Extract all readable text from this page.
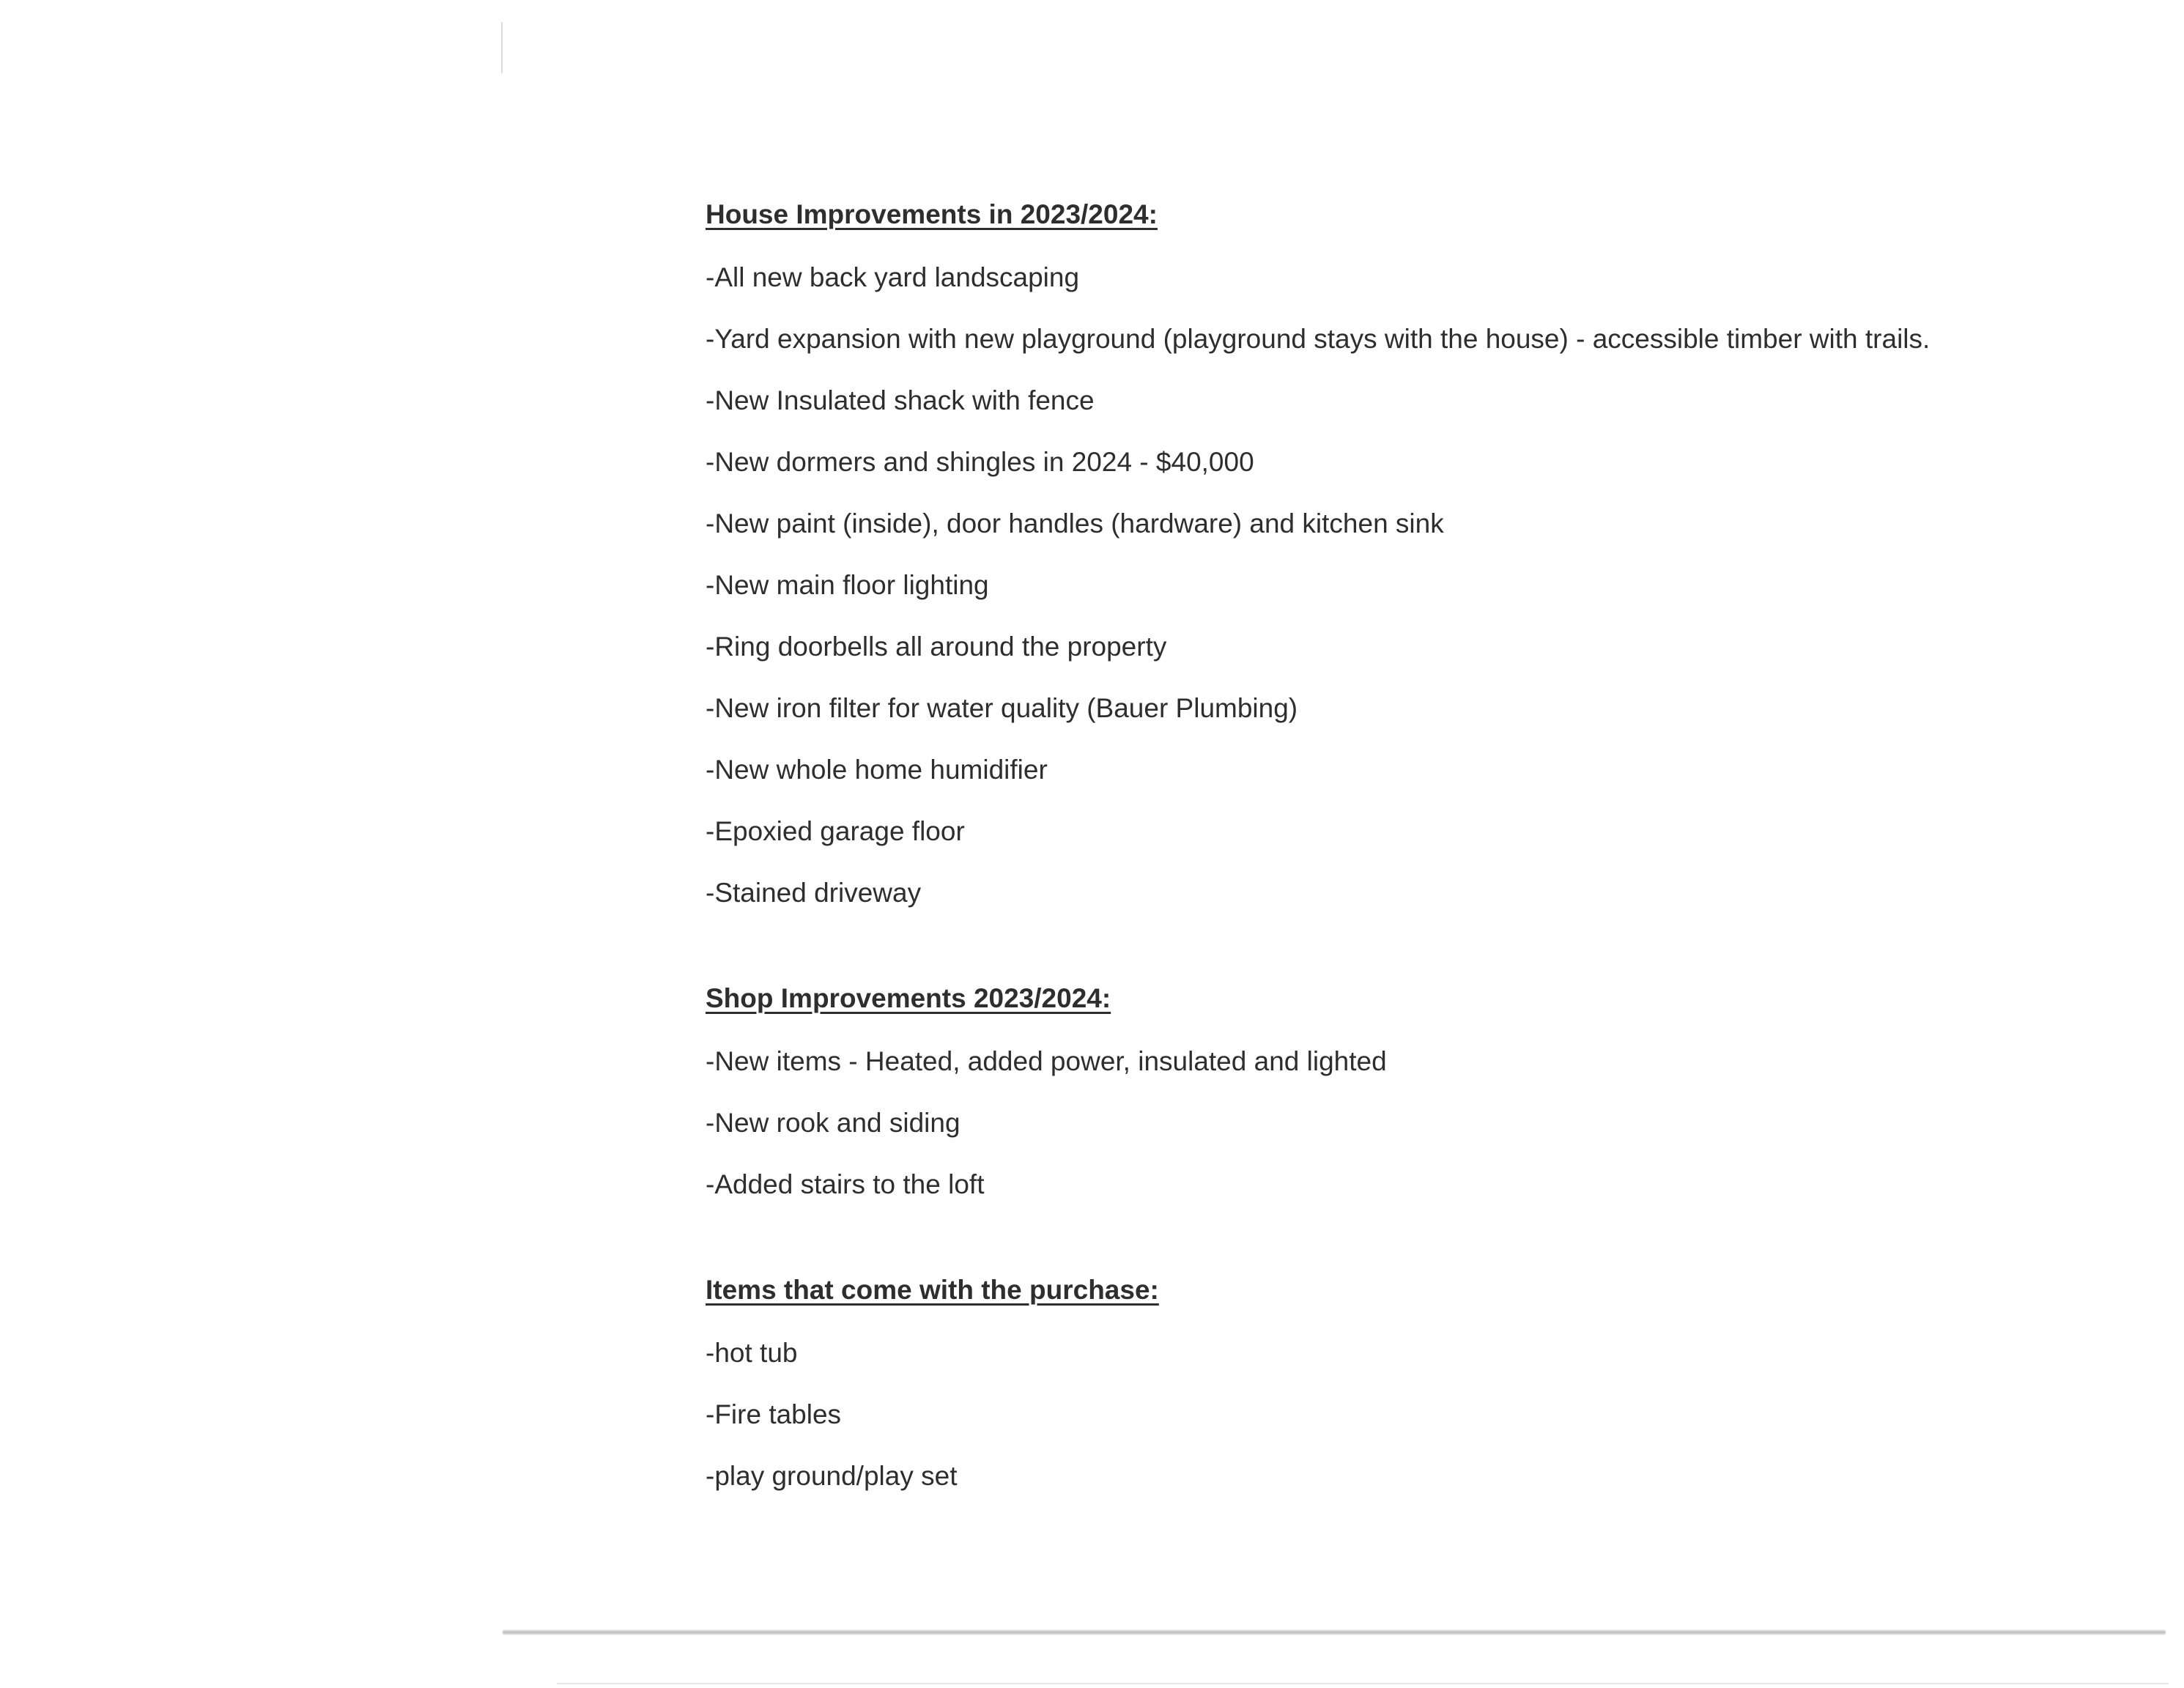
House Improvements in 2023/2024:
-All new back yard landscaping
-Yard expansion with new playground (playground stays with the house) - accessible timber with trails.
-New Insulated shack with fence
-New dormers and shingles in 2024 - $40,000
-New paint (inside), door handles (hardware) and kitchen sink
-New main floor lighting
-Ring doorbells all around the property
-New iron filter for water quality (Bauer Plumbing)
-New whole home humidifier
-Epoxied garage floor
-Stained driveway
Shop Improvements 2023/2024:
-New items - Heated, added power, insulated and lighted
-New rook and siding
-Added stairs to the loft
Items that come with the purchase:
-hot tub
-Fire tables
-play ground/play set
